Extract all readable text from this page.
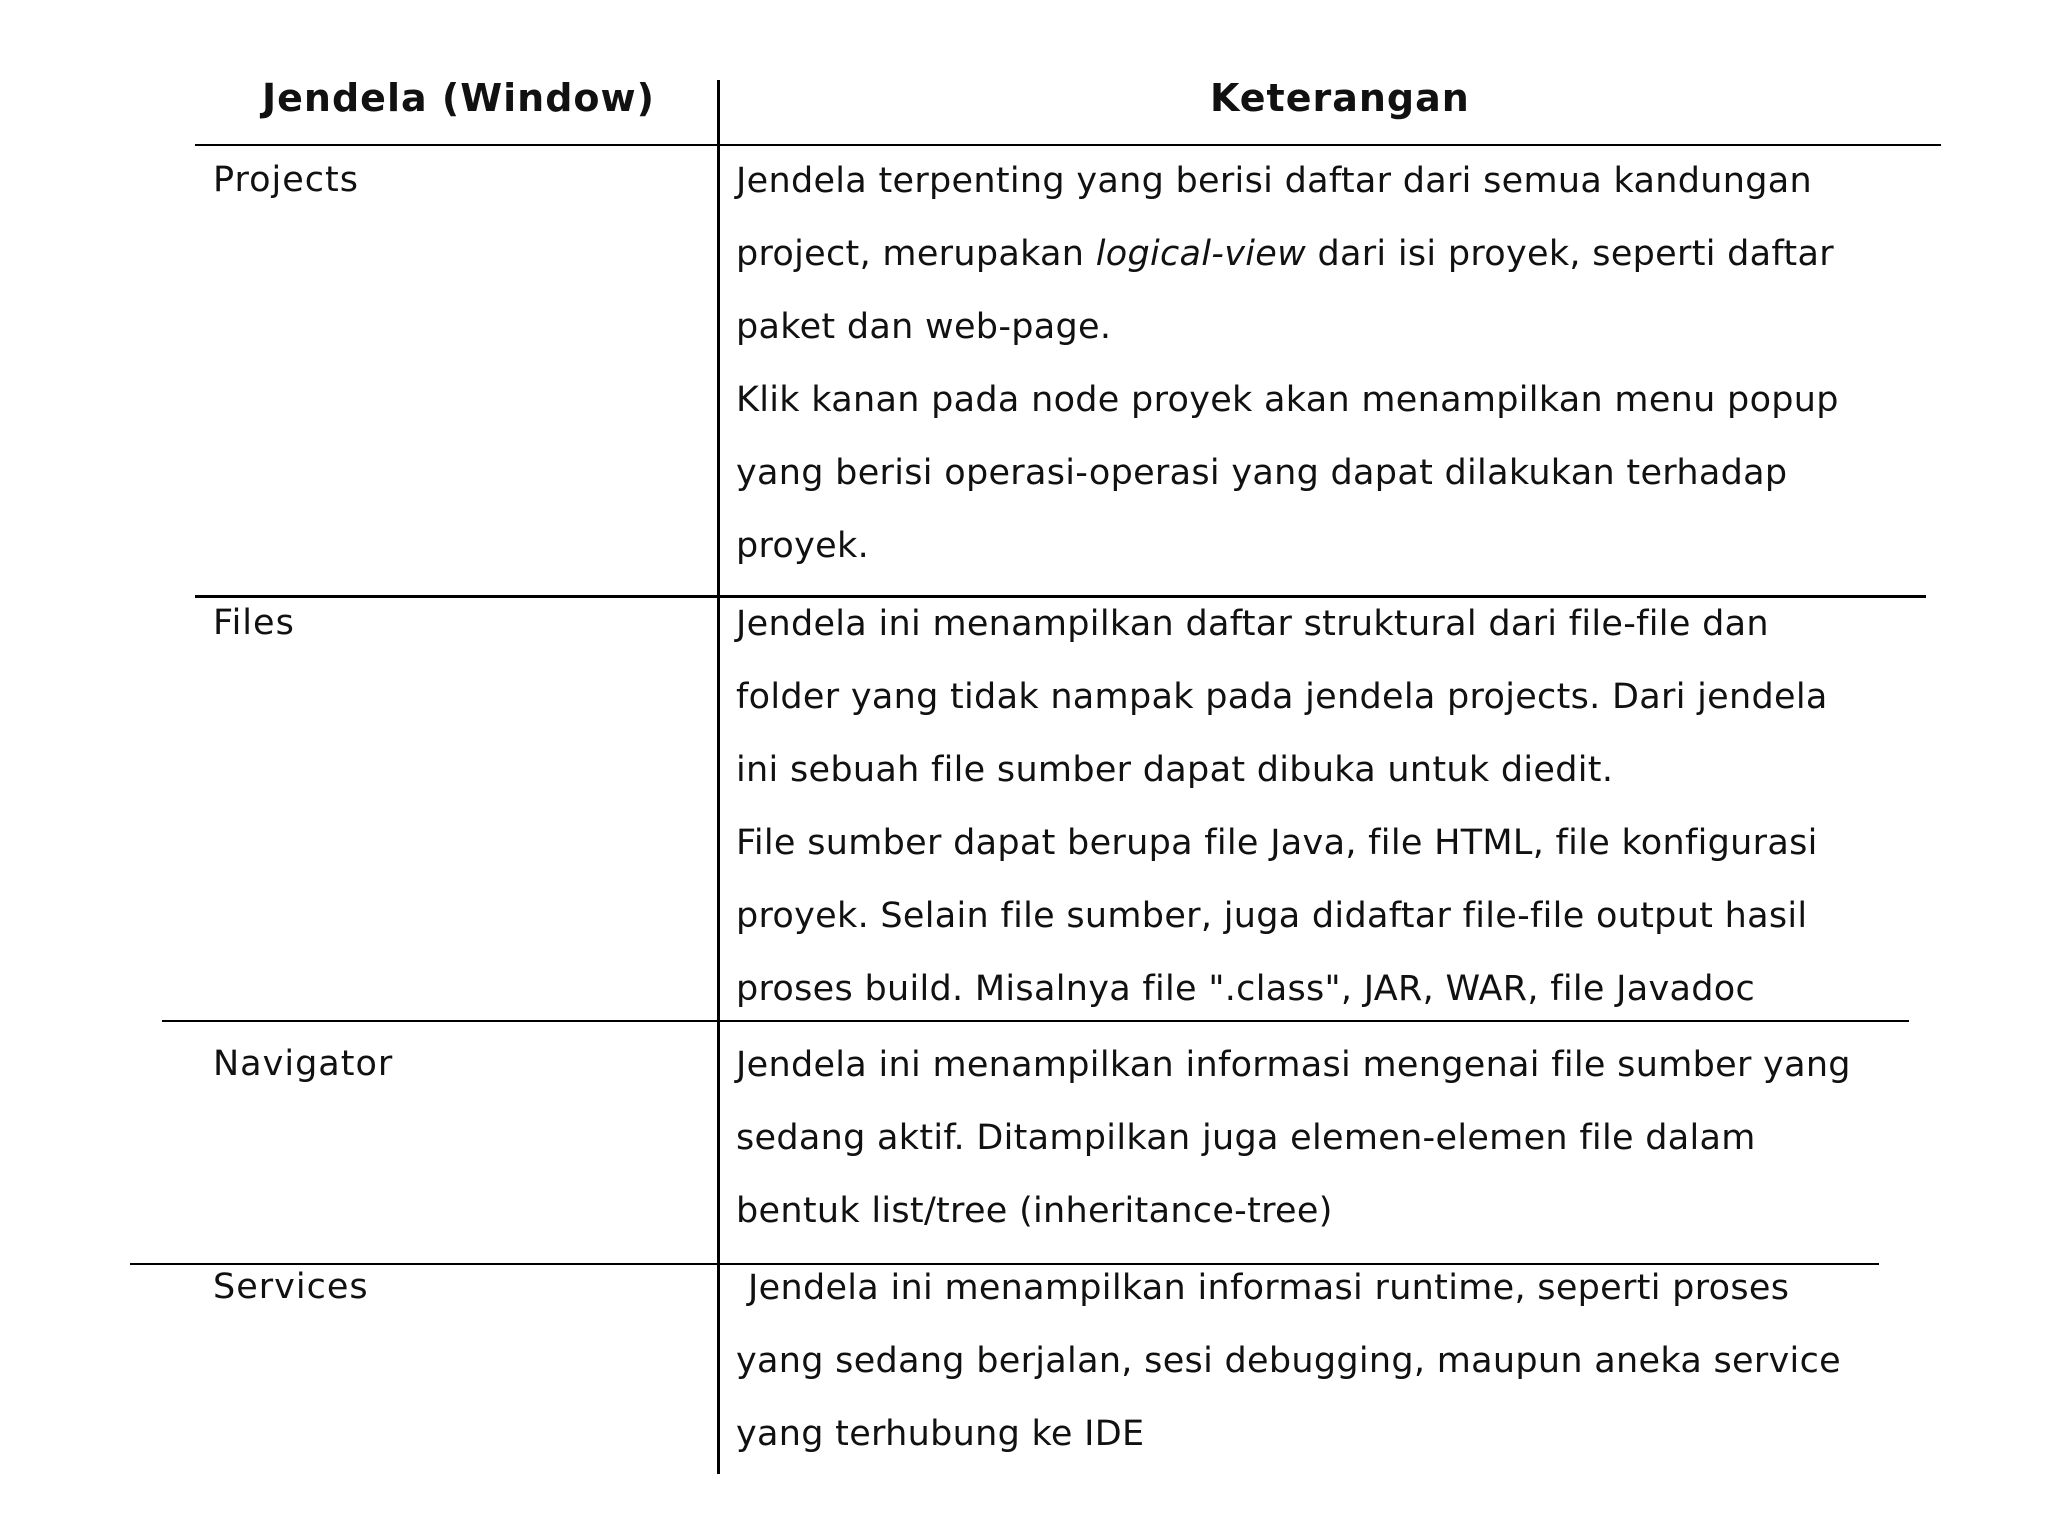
Jendela (Window)	Keterangan
Projects	Jendela terpenting yang berisi daftar dari semua kandungan

project, merupakan logical-view dari isi proyek, seperti daftar

paket dan web-page.

Klik kanan pada node proyek akan menampilkan menu popup

yang berisi operasi-operasi yang dapat dilakukan terhadap

proyek.

Files	Jendela ini menampilkan daftar struktural dari file-file dan

folder yang tidak nampak pada jendela projects. Dari jendela

ini sebuah file sumber dapat dibuka untuk diedit.

File sumber dapat berupa file Java, file HTML, file konfigurasi

proyek. Selain file sumber, juga didaftar file-file output hasil

proses build. Misalnya file ".class", JAR, WAR, file Javadoc

Navigator	Jendela ini menampilkan informasi mengenai file sumber yang

sedang aktif. Ditampilkan juga elemen-elemen file dalam

bentuk list/tree (inheritance-tree)

Services	Jendela ini menampilkan informasi runtime, seperti proses

yang sedang berjalan, sesi debugging, maupun aneka service

yang terhubung ke IDE
